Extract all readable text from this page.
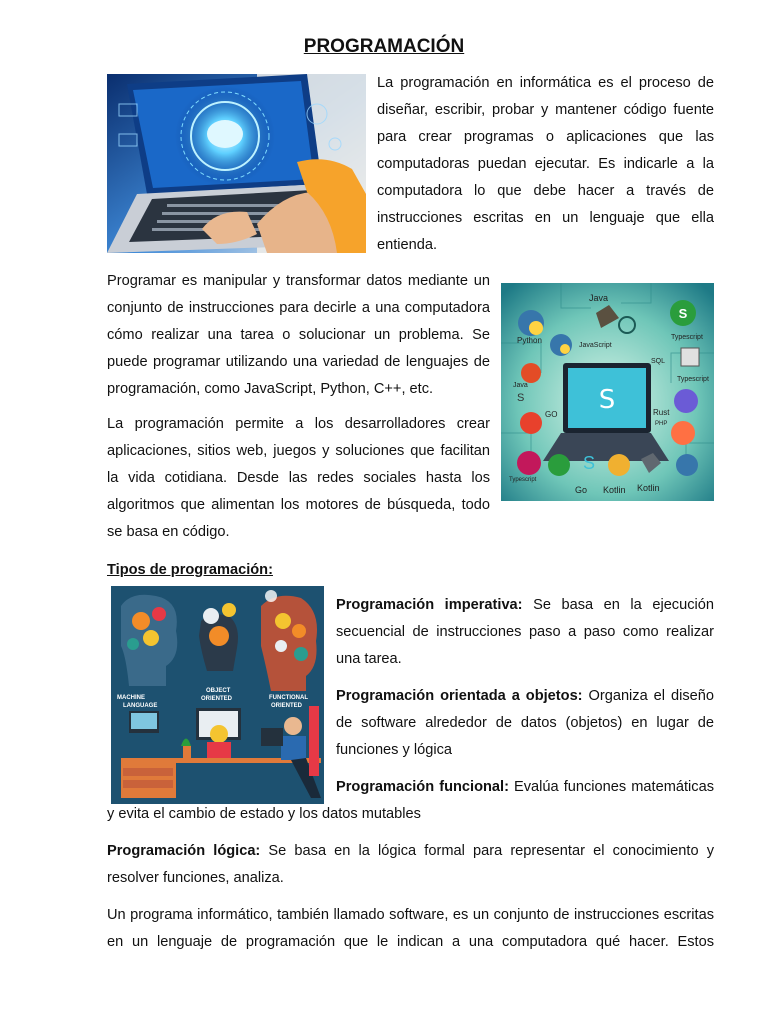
PROGRAMACIÓN

La programación en informática es el proceso de diseñar, escribir, probar y mantener código fuente para crear programas o aplicaciones que las computadoras puedan ejecutar. Es indicarle a la computadora lo que debe hacer a través de instrucciones escritas en un lenguaje que ella entienda.

Programar es manipular y transformar datos mediante un conjunto de instrucciones para decirle a una computadora cómo realizar una tarea o solucionar un problema. Se puede programar utilizando una variedad de lenguajes de programación, como JavaScript, Python, C++, etc.	S
Python
Java
JavaScript
S
Typescript
SQL
Typescript
Java
S
GO	Rust
PHP
S
Typescript
Go Kotlin Kotlin

La programación permite a los desarrolladores crear aplicaciones, sitios web, juegos y soluciones que facilitan la vida cotidiana. Desde las redes sociales hasta los algoritmos que alimentan los motores de búsqueda, todo se basa en código.

Tipos de programación:
MACHINE
LANGUAGE
OBJECT
ORIENTED	FUNCTIONAL
ORIENTED

Programación imperativa: Se basa en la ejecución secuencial de instrucciones paso a paso como realizar una tarea.

Programación orientada a objetos: Organiza el diseño de software alrededor de datos (objetos) en lugar de funciones y lógica

Programación funcional: Evalúa funciones matemáticas y evita el cambio de estado y los datos mutables

Programación lógica: Se basa en la lógica formal para representar el conocimiento y resolver funciones, analiza.

Un programa informático, también llamado software, es un conjunto de instrucciones escritas en un lenguaje de programación que le indican a una computadora qué hacer. Estos
